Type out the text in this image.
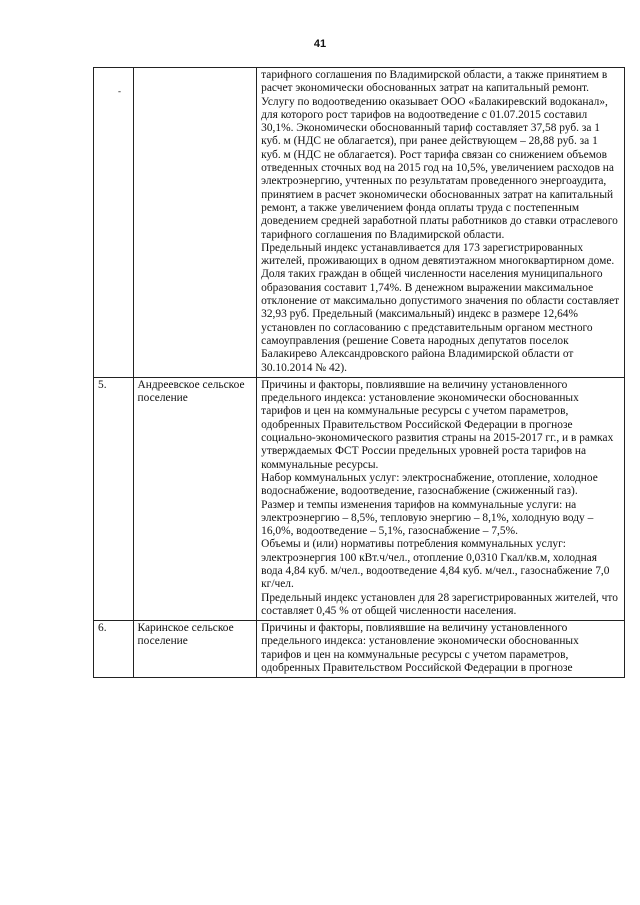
41
-

		тарифного соглашения по Владимирской области, а также принятием в расчет экономически обоснованных затрат на капитальный ремонт.
Услугу по водоотведению оказывает ООО «Балакиревский водоканал», для которого рост тарифов на водоотведение с 01.07.2015 составил 30,1%. Экономически обоснованный тариф составляет 37,58 руб. за 1 куб. м (НДС не облагается), при ранее действующем – 28,88 руб. за 1 куб. м (НДС не облагается). Рост тарифа связан со снижением объемов отведенных сточных вод на 2015 год на 10,5%, увеличением расходов на электроэнергию, учтенных по результатам проведенного энергоаудита, принятием в расчет экономически обоснованных затрат на капитальный ремонт, а также увеличением фонда оплаты труда с постепенным доведением средней заработной платы работников до ставки отраслевого тарифного соглашения по Владимирской области.
Предельный индекс устанавливается для 173 зарегистрированных жителей, проживающих в одном девятиэтажном многоквартирном доме. Доля таких граждан в общей численности населения муниципального образования составит 1,74%. В денежном выражении максимальное отклонение от максимально допустимого значения по области составляет 32,93 руб. Предельный (максимальный) индекс в размере 12,64% установлен по согласованию с представительным органом местного самоуправления (решение Совета народных депутатов поселок Балакирево Александровского района Владимирской области от 30.10.2014 № 42).

5.	Андреевское сельское поселение	Причины и факторы, повлиявшие на величину установленного предельного индекса: установление экономически обоснованных тарифов и цен на коммунальные ресурсы с учетом параметров, одобренных Правительством Российской Федерации в прогнозе социально-экономического развития страны на 2015-2017 гг., и в рамках утверждаемых ФСТ России предельных уровней роста тарифов на коммунальные ресурсы.
Набор коммунальных услуг: электроснабжение, отопление, холодное водоснабжение, водоотведение, газоснабжение (сжиженный газ).
Размер и темпы изменения тарифов на коммунальные услуги: на электроэнергию – 8,5%, тепловую энергию – 8,1%, холодную воду – 16,0%, водоотведение – 5,1%, газоснабжение – 7,5%.
Объемы и (или) нормативы потребления коммунальных услуг: электроэнергия 100 кВт.ч/чел., отопление 0,0310 Гкал/кв.м, холодная вода 4,84 куб. м/чел., водоотведение 4,84 куб. м/чел., газоснабжение 7,0 кг/чел.
Предельный индекс установлен для 28 зарегистрированных жителей, что составляет 0,45 % от общей численности населения.

6.	Каринское сельское поселение	Причины и факторы, повлиявшие на величину установленного предельного индекса: установление экономически обоснованных тарифов и цен на коммунальные ресурсы с учетом параметров, одобренных Правительством Российской Федерации в прогнозе
